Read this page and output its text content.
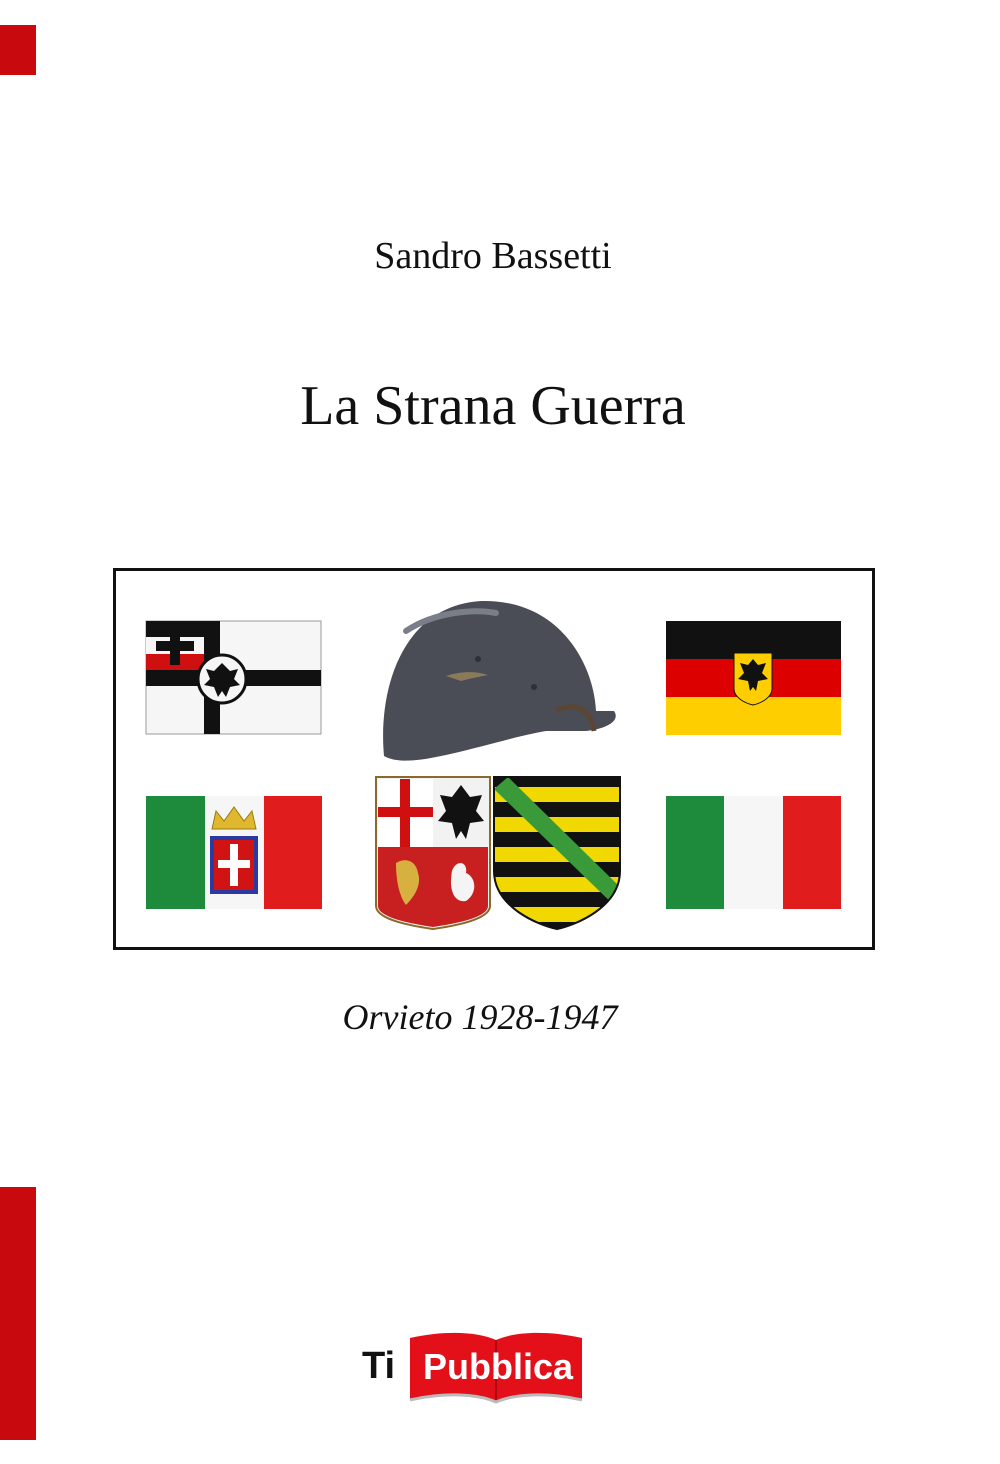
Sandro Bassetti
La Strana Guerra
Orvieto 1928-1947
Ti Pubblica
